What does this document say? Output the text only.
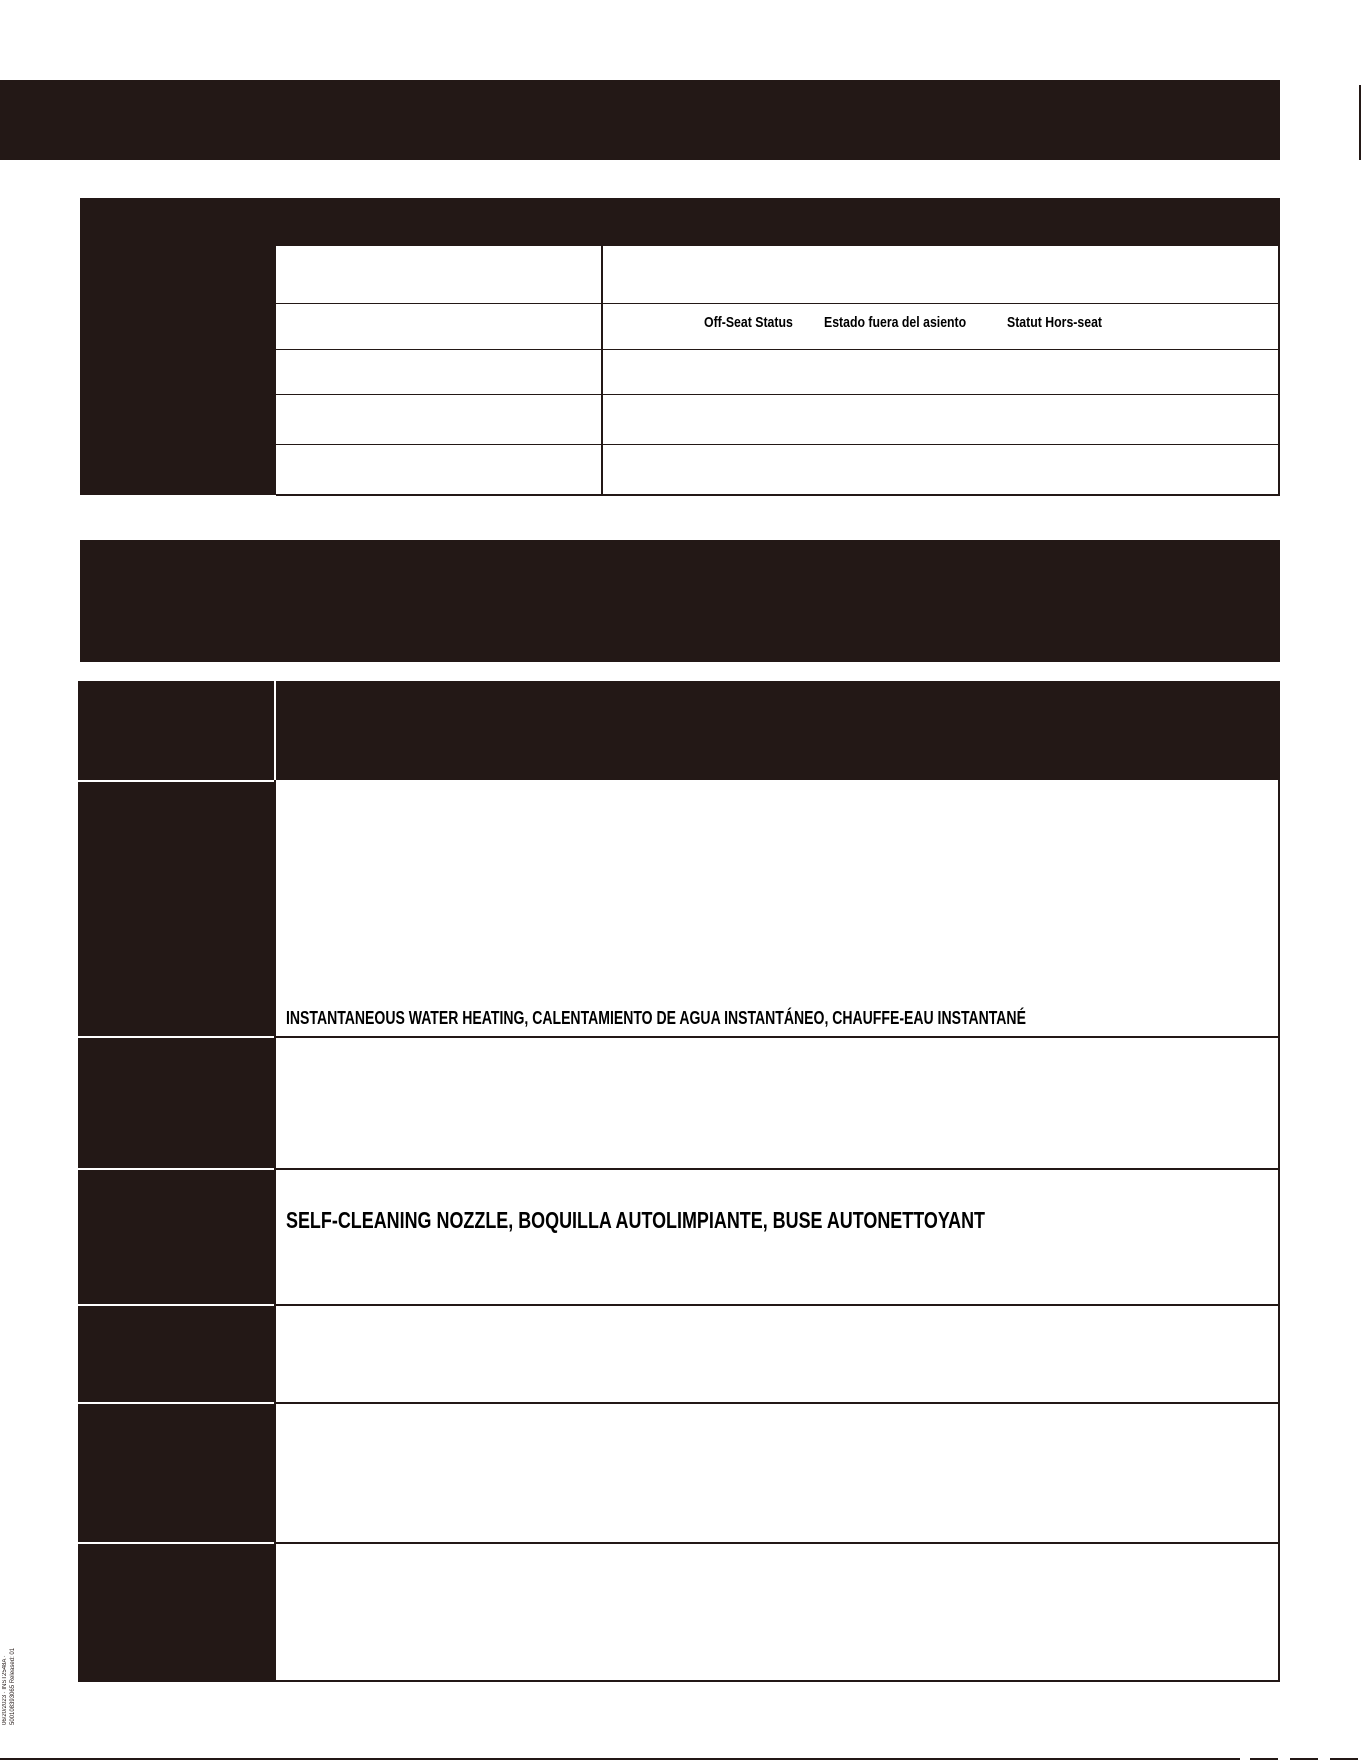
Off-Seat Status Estado fuera del asiento	Statut Hors-seat
INSTANTANEOUS WATER HEATING, CALENTAMIENTO DE AGUA INSTANTÁNEO, CHAUFFE-EAU INSTANTANÉ
SELF-CLEANING NOZZLE, BOQUILLA AUTOLIMPIANTE, BUSE AUTONETTOYANT
06/20/2023 · INST2548A · 500108393065 Released: 01
